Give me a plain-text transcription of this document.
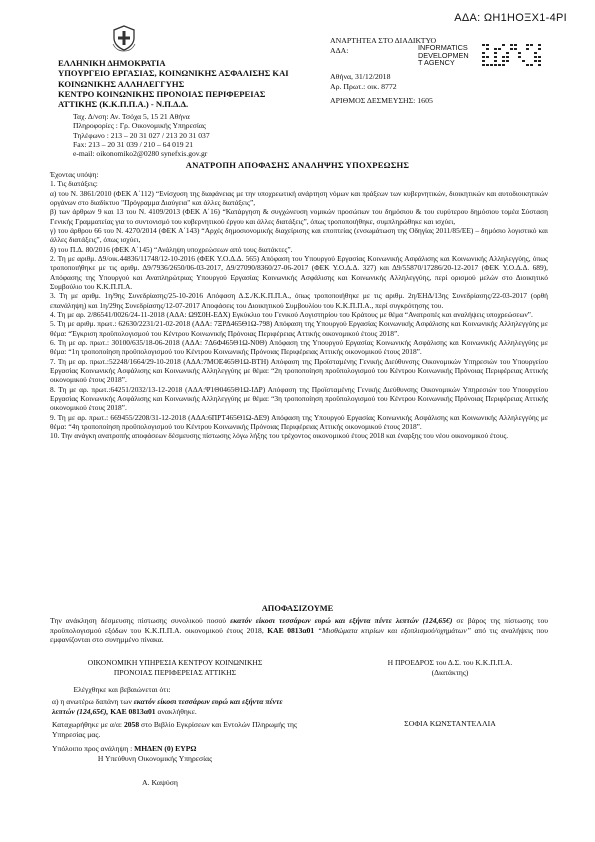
ΑΔΑ: ΩΗ1ΗΟΞΧ1-4ΡΙ
ΕΛΛΗΝΙΚΗ ΔΗΜΟΚΡΑΤΙΑ
ΥΠΟΥΡΓΕΙΟ ΕΡΓΑΣΙΑΣ, ΚΟΙΝΩΝΙΚΗΣ ΑΣΦΑΛΙΣΗΣ ΚΑΙ
ΚΟΙΝΩΝΙΚΗΣ ΑΛΛΗΛΕΓΓΥΗΣ
ΚΕΝΤΡΟ ΚΟΙΝΩΝΙΚΗΣ ΠΡΟΝΟΙΑΣ ΠΕΡΙΦΕΡΕΙΑΣ
ΑΤΤΙΚΗΣ (Κ.Κ.Π.Π.Α.) - Ν.Π.Δ.Δ.
Ταχ. Δ/νση: Αν. Τσόχα 5, 15 21 Αθήνα
Πληροφορίες : Γρ. Οικονομικής Υπηρεσίας
Τηλέφωνο : 213 – 20 31 027 / 213 20 31 037
Fax: 213 – 20 31 039 / 210 – 64 019 21
e-mail: oikonomiko2@0280 synefxis.gov.gr
ΑΝΑΡΤΗΤΕΑ ΣΤΟ ΔΙΑΔΙΚΤΥΟ
ΑΔΑ:
Αθήνα, 31/12/2018
Αρ. Πρωτ.: οικ. 8772
ΑΡΙΘΜΟΣ ΔΕΣΜΕΥΣΗΣ: 1605
INFORMATICS
DEVELOPMEN
T AGENCY
ΑΝΑΤΡΟΠΗ ΑΠΟΦΑΣΗΣ ΑΝΑΛΗΨΗΣ ΥΠΟΧΡΕΩΣΗΣ

Έχοντας υπόψη:

1. Τις διατάξεις:

α) του Ν. 3861/2010 (ΦΕΚ Α΄112) “Ενίσχυση της διαφάνειας με την υποχρεωτική ανάρτηση νόμων και πράξεων των κυβερνητικών, διοικητικών και αυτοδιοικητικών οργάνων στο διαδίκτυο "Πρόγραμμα Διαύγεια" και άλλες διατάξεις”,

β) των άρθρων 9 και 13 του Ν. 4109/2013 (ΦΕΚ Α΄16) “Κατάργηση & συγχώνευση νομικών προσώπων του δημόσιου & του ευρύτερου δημόσιου τομέα Σύσταση Γενικής Γραμματείας για το συντονισμό του κυβερνητικού έργου και άλλες διατάξεις”, όπως τροποποιήθηκε, συμπληρώθηκε και ισχύει,

γ) του άρθρου 66 του Ν. 4270/2014 (ΦΕΚ Α΄143) “Αρχές δημοσιονομικής διαχείρισης και εποπτείας (ενσωμάτωση της Οδηγίας 2011/85/ΕΕ) – δημόσιο λογιστικό και άλλες διατάξεις”, όπως ισχύει,

δ) του Π.Δ. 80/2016 (ΦΕΚ Α΄145) “Ανάληψη υποχρεώσεων από τους διατάκτες”.

2. Τη με αριθμ. Δ9/οικ.44836/11748/12-10-2016 (ΦΕΚ Υ.Ο.Δ.Δ. 565) Απόφαση του Υπουργού Εργασίας Κοινωνικής Ασφάλισης και Κοινωνικής Αλληλεγγύης, όπως τροποποιήθηκε με τις αριθμ. Δ9/7936/2650/06-03-2017, Δ9/27090/8360/27-06-2017 (ΦΕΚ Υ.Ο.Δ.Δ. 327) και Δ9/55870/17286/20-12-2017 (ΦΕΚ Υ.Ο.Δ.Δ. 689), Απόφασης της Υπουργού και Αναπληρώτριας Υπουργού Εργασίας Κοινωνικής Ασφάλισης και Κοινωνικής Αλληλεγγύης, περί ορισμού μελών στο Διοικητικό Συμβούλιο του Κ.Κ.Π.Π.Α.

3. Τη με αριθμ. 1η/9ης Συνεδρίασης/25-10-2016 Απόφαση Δ.Σ./Κ.Κ.Π.Π.Α., όπως τροποποιήθηκε με τις αριθμ. 2η/ΕΗΔ/13ης Συνεδρίασης/22-03-2017 (ορθή επανάληψη) και 1η/29ης Συνεδρίασης/12-07-2017 Αποφάσεις του Διοικητικού Συμβουλίου του Κ.Κ.Π.Π.Α., περί συγκρότησης του.

4. Τη με αρ. 2/86541/0026/24-11-2018 (ΑΔΑ: Ω9Σ0Η-ΕΔΧ) Εγκύκλιο του Γενικού Λογιστηρίου του Κράτους με θέμα “Ανατροπές και αναλήψεις υποχρεώσεων”.

5. Τη με αριθμ. πρωτ.: 62630/2231/21-02-2018 (ΑΔΑ: 7ΞΡΔ465Θ1Ω-798) Απόφαση της Υπουργού Εργασίας Κοινωνικής Ασφάλισης και Κοινωνικής Αλληλεγγύης με θέμα: “Έγκριση προϋπολογισμού του Κέντρου Κοινωνικής Πρόνοιας Περιφέρειας Αττικής οικονομικού έτους 2018”.

6. Τη με αρ. πρωτ.: 30100/635/18-06-2018 (ΑΔΑ: 7Δ6Φ465Θ1Ω-Ν0Θ) Απόφαση της Υπουργού Εργασίας Κοινωνικής Ασφάλισης και Κοινωνικής Αλληλεγγύης με θέμα: “1η τροποποίηση προϋπολογισμού του Κέντρου Κοινωνικής Πρόνοιας Περιφέρειας Αττικής οικονομικού έτους 2018”.

7. Τη με αρ. πρωτ.:52248/1664/29-10-2018 (ΑΔΑ:7ΜΟΕ465Θ1Ω-ΒΤΗ) Απόφαση της Προϊσταμένης Γενικής Διεύθυνσης Οικονομικών Υπηρεσιών του Υπουργείου Εργασίας Κοινωνικής Ασφάλισης και Κοινωνικής Αλληλεγγύης με θέμα: “2η τροποποίηση προϋπολογισμού του Κέντρου Κοινωνικής Πρόνοιας Περιφέρειας Αττικής οικονομικού έτους 2018”.

8. Τη με αρ. πρωτ.:64251/2032/13-12-2018 (ΑΔΑ:Ψ1Θ0465Θ1Ω-ΙΔΡ) Απόφαση της Προϊσταμένης Γενικής Διεύθυνσης Οικονομικών Υπηρεσιών του Υπουργείου Εργασίας Κοινωνικής Ασφάλισης και Κοινωνικής Αλληλεγγύης με θέμα: “3η τροποποίηση προϋπολογισμού του Κέντρου Κοινωνικής Πρόνοιας Περιφέρειας Αττικής οικονομικού έτους 2018”.

9. Τη με αρ. πρωτ.: 669455/2208/31-12-2018 (ΑΔΑ:6ΠΡΤ465Θ1Ω-ΔΕ9) Απόφαση της Υπουργού Εργασίας Κοινωνικής Ασφάλισης και Κοινωνικής Αλληλεγγύης με θέμα: “4η τροποποίηση προϋπολογισμού του Κέντρου Κοινωνικής Πρόνοιας Περιφέρειας Αττικής οικονομικού έτους 2018”.

10. Την ανάγκη ανατροπής αποφάσεων δέσμευσης πίστωσης λόγω λήξης του τρέχοντος οικονομικού έτους 2018 και έναρξης του νέου οικονομικού έτους.

ΑΠΟΦΑΣΙΖΟΥΜΕ

Την ανάκληση δέσμευσης πίστωσης συνολικού ποσού εκατόν είκοσι τεσσάρων ευρώ και εξήντα πέντε λεπτών (124,65€) σε βάρος της πίστωσης του προϋπολογισμού εξόδων του Κ.Κ.Π.Π.Α. οικονομικού έτους 2018, ΚΑΕ 0813α01 “Μισθώματα κτιρίων και εξοπλισμού/οχημάτων” από τις αναλήψεις που εμφανίζονται στο συνημμένο πίνακα.

ΟΙΚΟΝΟΜΙΚΗ ΥΠΗΡΕΣΙΑ ΚΕΝΤΡΟΥ ΚΟΙΝΩΝΙΚΗΣ
ΠΡΟΝΟΙΑΣ ΠΕΡΙΦΕΡΕΙΑΣ ΑΤΤΙΚΗΣ
Η ΠΡΟΕΔΡΟΣ του Δ.Σ. του Κ.Κ.Π.Π.Α.
(Διατάκτης)
Ελέγχθηκε και βεβαιώνεται ότι:
α) η ανωτέρω δαπάνη των εκατόν είκοσι τεσσάρων ευρώ και εξήντα πέντε λεπτών (124,65€), ΚΑΕ 0813α01 ανακλήθηκε.
Καταχωρήθηκε με α/α: 2058 στο Βιβλίο Εγκρίσεων και Εντολών Πληρωμής της Υπηρεσίας μας.
Υπόλοιπο προς ανάληψη : ΜΗΔΕΝ (0) ΕΥΡΩ
Η Υπεύθυνη Οικονομικής Υπηρεσίας
Α. Καψύση
ΣΟΦΙΑ ΚΩΝΣΤΑΝΤΕΛΛΙΑ
